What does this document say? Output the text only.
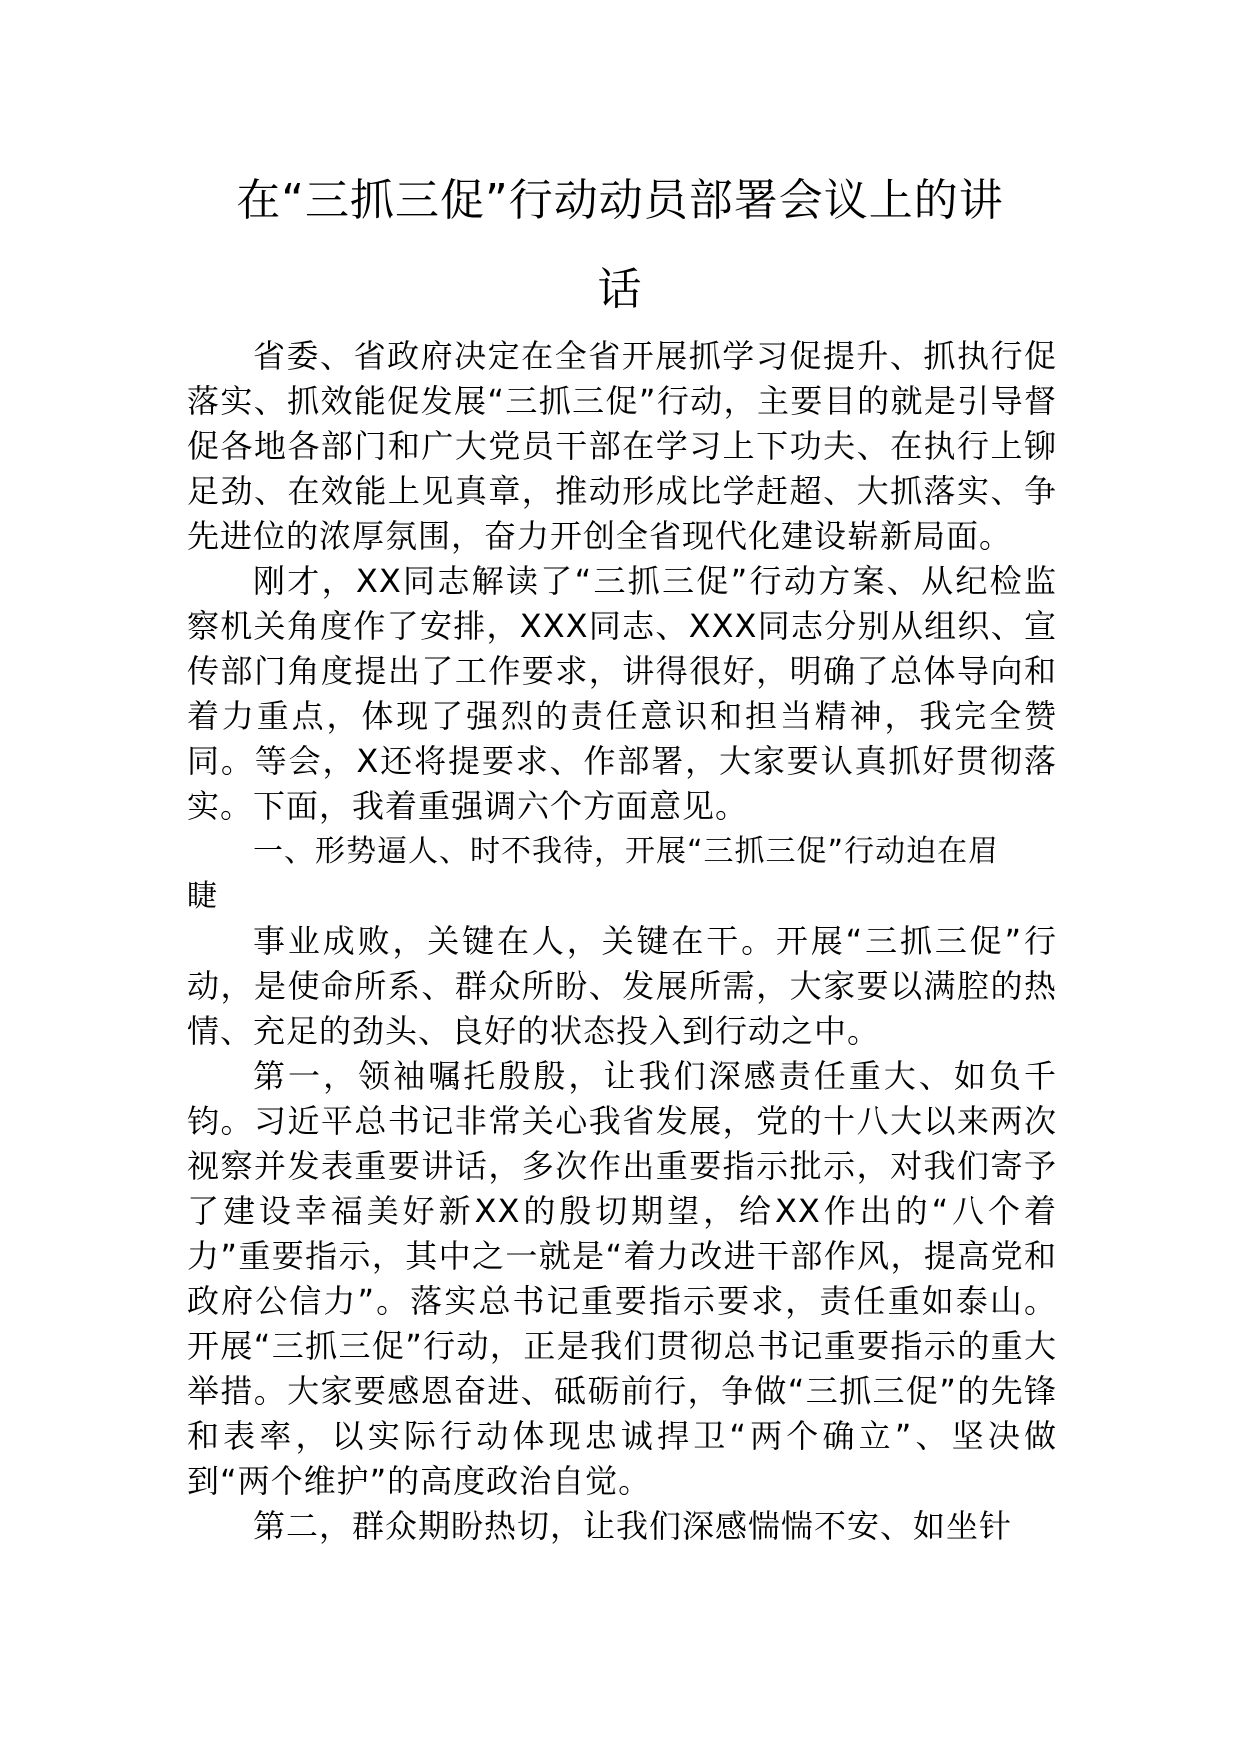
在“三抓三促”行动动员部署会议上的讲
话

省委、省政府决定在全省开展抓学习促提升、抓执行促落实、抓效能促发展“三抓三促”行动，主要目的就是引导督促各地各部门和广大党员干部在学习上下功夫、在执行上铆足劲、在效能上见真章，推动形成比学赶超、大抓落实、争先进位的浓厚氛围，奋力开创全省现代化建设崭新局面。

刚才，XX同志解读了“三抓三促”行动方案、从纪检监察机关角度作了安排，XXX同志、XXX同志分别从组织、宣传部门角度提出了工作要求，讲得很好，明确了总体导向和着力重点，体现了强烈的责任意识和担当精神，我完全赞同。等会，X还将提要求、作部署，大家要认真抓好贯彻落实。下面，我着重强调六个方面意见。

一、形势逼人、时不我待，开展“三抓三促”行动迫在眉睫

事业成败，关键在人，关键在干。开展“三抓三促”行动，是使命所系、群众所盼、发展所需，大家要以满腔的热情、充足的劲头、良好的状态投入到行动之中。

第一，领袖嘱托殷殷，让我们深感责任重大、如负千钧。习近平总书记非常关心我省发展，党的十八大以来两次视察并发表重要讲话，多次作出重要指示批示，对我们寄予了建设幸福美好新XX的殷切期望，给XX作出的“八个着力”重要指示，其中之一就是“着力改进干部作风，提高党和政府公信力”。落实总书记重要指示要求，责任重如泰山。开展“三抓三促”行动，正是我们贯彻总书记重要指示的重大举措。大家要感恩奋进、砥砺前行，争做“三抓三促”的先锋和表率，以实际行动体现忠诚捍卫“两个确立”、坚决做到“两个维护”的高度政治自觉。

第二，群众期盼热切，让我们深感惴惴不安、如坐针
